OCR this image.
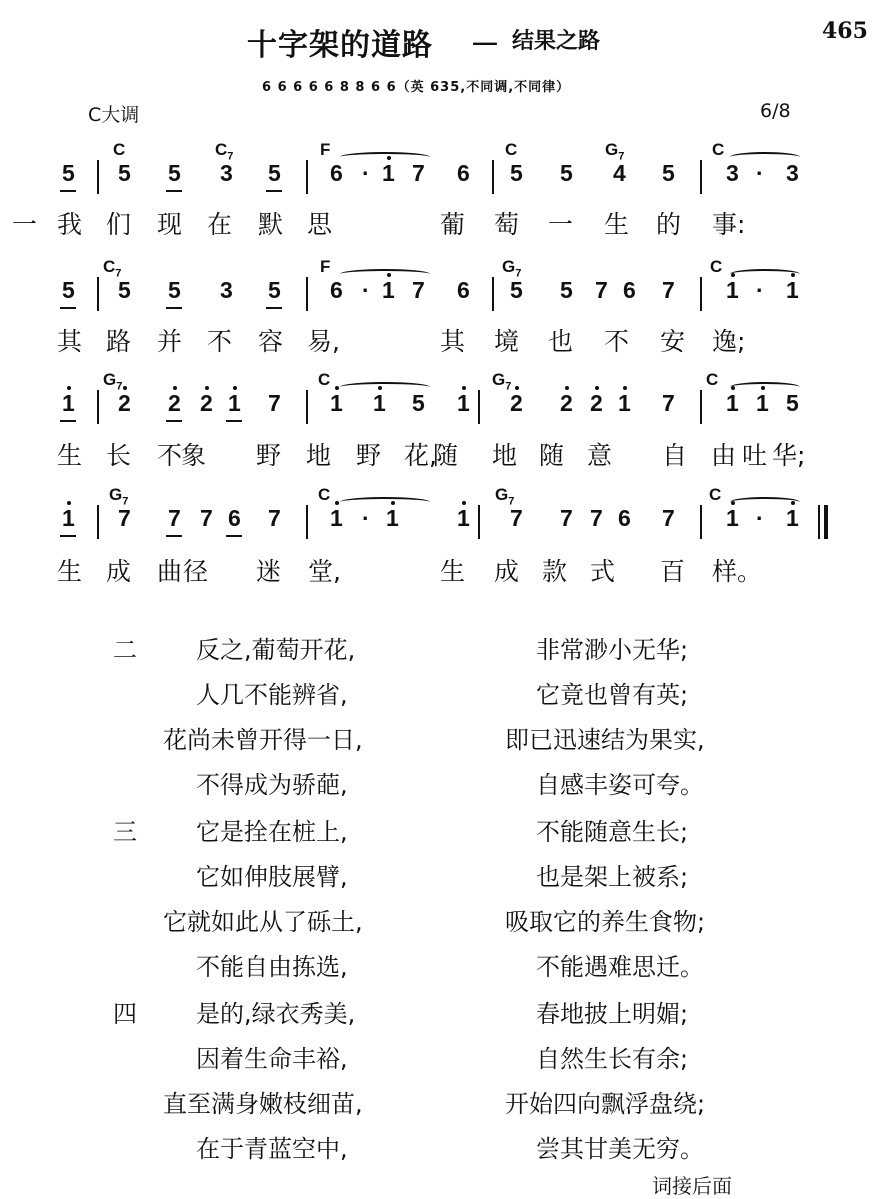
十字架的道路 － 结果之路	465
6 6 6 6 6 8 8 6 6（英 635,不同调,不同律）
C大调	6/8
C	$C_7$	F	C	$G_7$	C
5 5 5 3 5 6 · 1 7 6 5 5 4 5 3 · 3
一 我 们 现 在 默 思	葡 萄 一 生 的 事:
$C_7$	F	$G_7$	C
5 5 5 3 5 6 · 1 7 6 5 5 7 6 7 1 · 1
其 路 并 不 容 易,	其 境 也 不 安 逸;
$G_7$	C	$G_7$	C
1 2 2 2 1 7 1 1 5 1 2 2 2 1 7 1 1 5
生 长 不
象 野 地 野 花,
随 地 随 意 自 由 吐 华;
$G_7$	C	$G_7$	C
1 7 7 7 6 7 1 · 1	1 7 7 7 6 7 1 · 1
生 成 曲 径 迷 堂,	生 成 款 式 百 样。
二 反之,葡萄开花,	非常渺小无华;
人几不能辨省,	它竟也曾有英;
花尚未曾开得一日,	即已迅速结为果实,
不得成为骄葩,	自感丰姿可夸。
三 它是拴在桩上,	不能随意生长;
它如伸肢展臂,	也是架上被系;
它就如此从了砾土,	吸取它的养生食物;
不能自由拣选,	不能遇难思迁。
四 是的,绿衣秀美,	春地披上明媚;
因着生命丰裕,	自然生长有余;
直至满身嫩枝细苗,	开始四向飘浮盘绕;
在于青蓝空中,	尝其甘美无穷。
词接后面
